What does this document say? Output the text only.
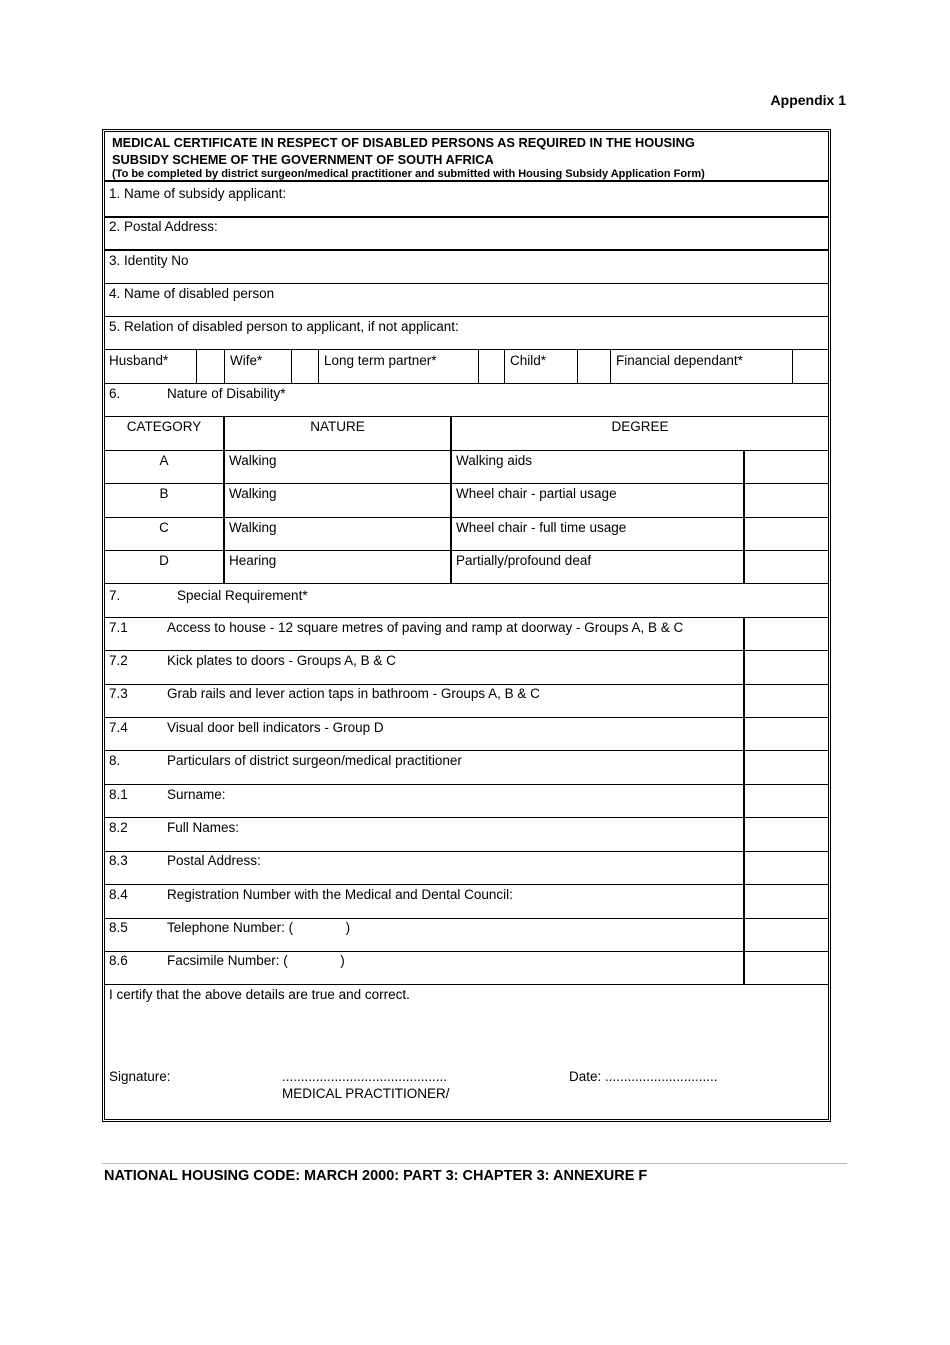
Appendix 1
MEDICAL CERTIFICATE IN RESPECT OF DISABLED PERSONS AS REQUIRED IN THE HOUSING
SUBSIDY SCHEME OF THE GOVERNMENT OF SOUTH AFRICA
(To be completed by district surgeon/medical practitioner and submitted with Housing Subsidy Application Form)
1. Name of subsidy applicant:
2. Postal Address:
3. Identity No
4. Name of disabled person
5. Relation of disabled person to applicant, if not applicant:
Husband*	Wife*	Long term partner*	Child*	Financial dependant*
6.	Nature of Disability*
CATEGORY	NATURE	DEGREE
A	Walking	Walking aids
B	Walking	Wheel chair - partial usage
C	Walking	Wheel chair - full time usage
D	Hearing	Partially/profound deaf
7.	Special Requirement*
7.1	Access to house - 12 square metres of paving and ramp at doorway - Groups A, B & C
7.2	Kick plates to doors - Groups A, B & C
7.3	Grab rails and lever action taps in bathroom - Groups A, B & C
7.4	Visual door bell indicators - Group D
8.	Particulars of district surgeon/medical practitioner
8.1	Surname:
8.2	Full Names:
8.3	Postal Address:
8.4	Registration Number with the Medical and Dental Council:
8.5	Telephone Number: (              )
8.6	Facsimile Number: (              )
I certify that the above details are true and correct.
Signature:	............................................
MEDICAL PRACTITIONER/
Date: ..............................
NATIONAL HOUSING CODE: MARCH 2000: PART 3: CHAPTER 3: ANNEXURE F
